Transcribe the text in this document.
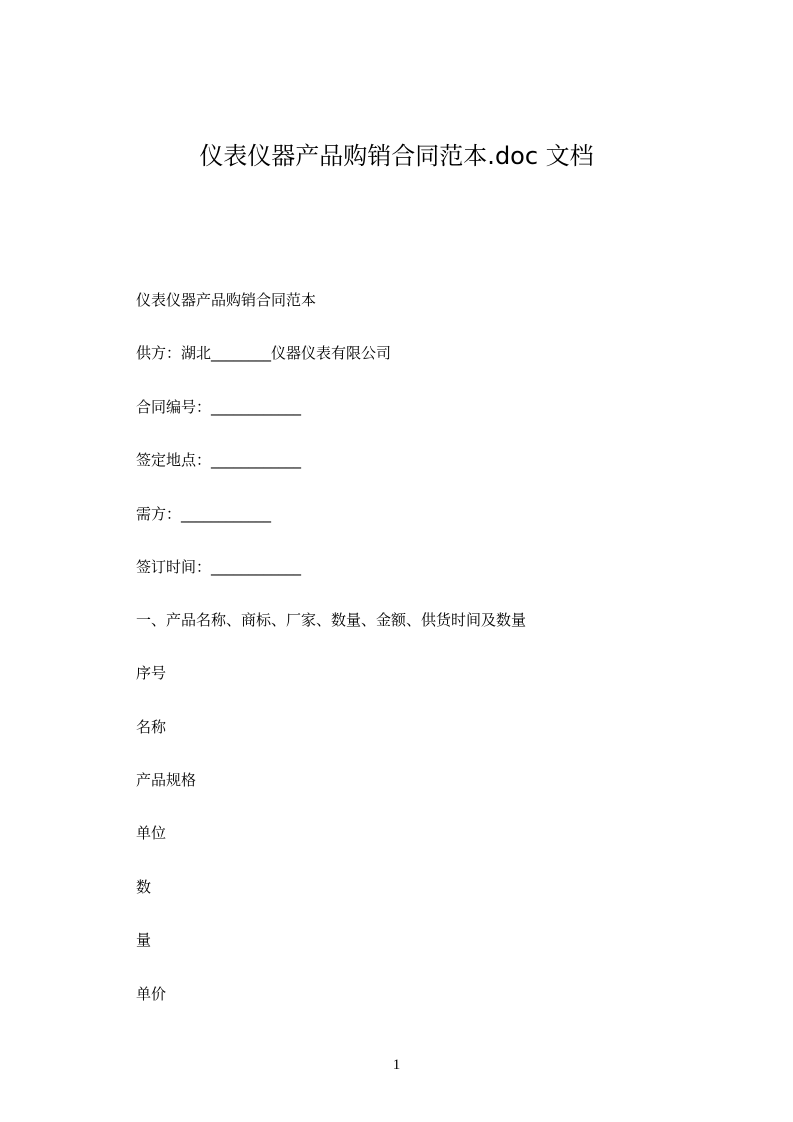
仪表仪器产品购销合同范本.doc 文档
仪表仪器产品购销合同范本
供方：湖北________仪器仪表有限公司
合同编号：____________
签定地点：____________
需方：____________
签订时间：____________
一、产品名称、商标、厂家、数量、金额、供货时间及数量
序号
名称
产品规格
单位
数
量
单价
1
